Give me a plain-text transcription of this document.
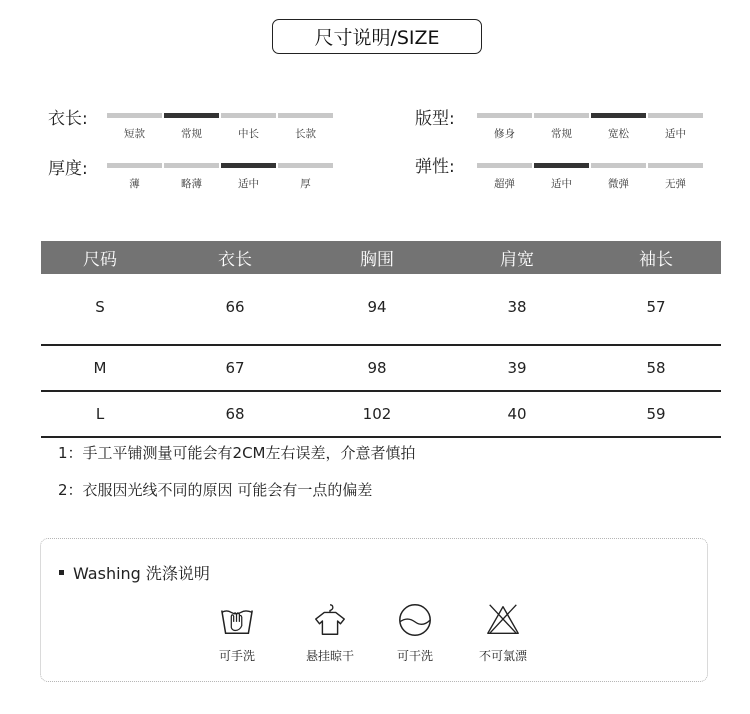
尺寸说明/SIZE
衣长:
短款	常规	中长	长款
版型:
修身	常规	宽松	适中
厚度:
薄	略薄	适中	厚
弹性:
超弹	适中	微弹	无弹
尺码	衣长	胸围	肩宽	袖长
S	66	94	38	57
M	67	98	39	58
L	68	102	40	59
1：手工平铺测量可能会有2CM左右误差，介意者慎拍
2：衣服因光线不同的原因 可能会有一点的偏差
Washing 洗涤说明
可手洗	悬挂晾干	可干洗	不可氯漂
